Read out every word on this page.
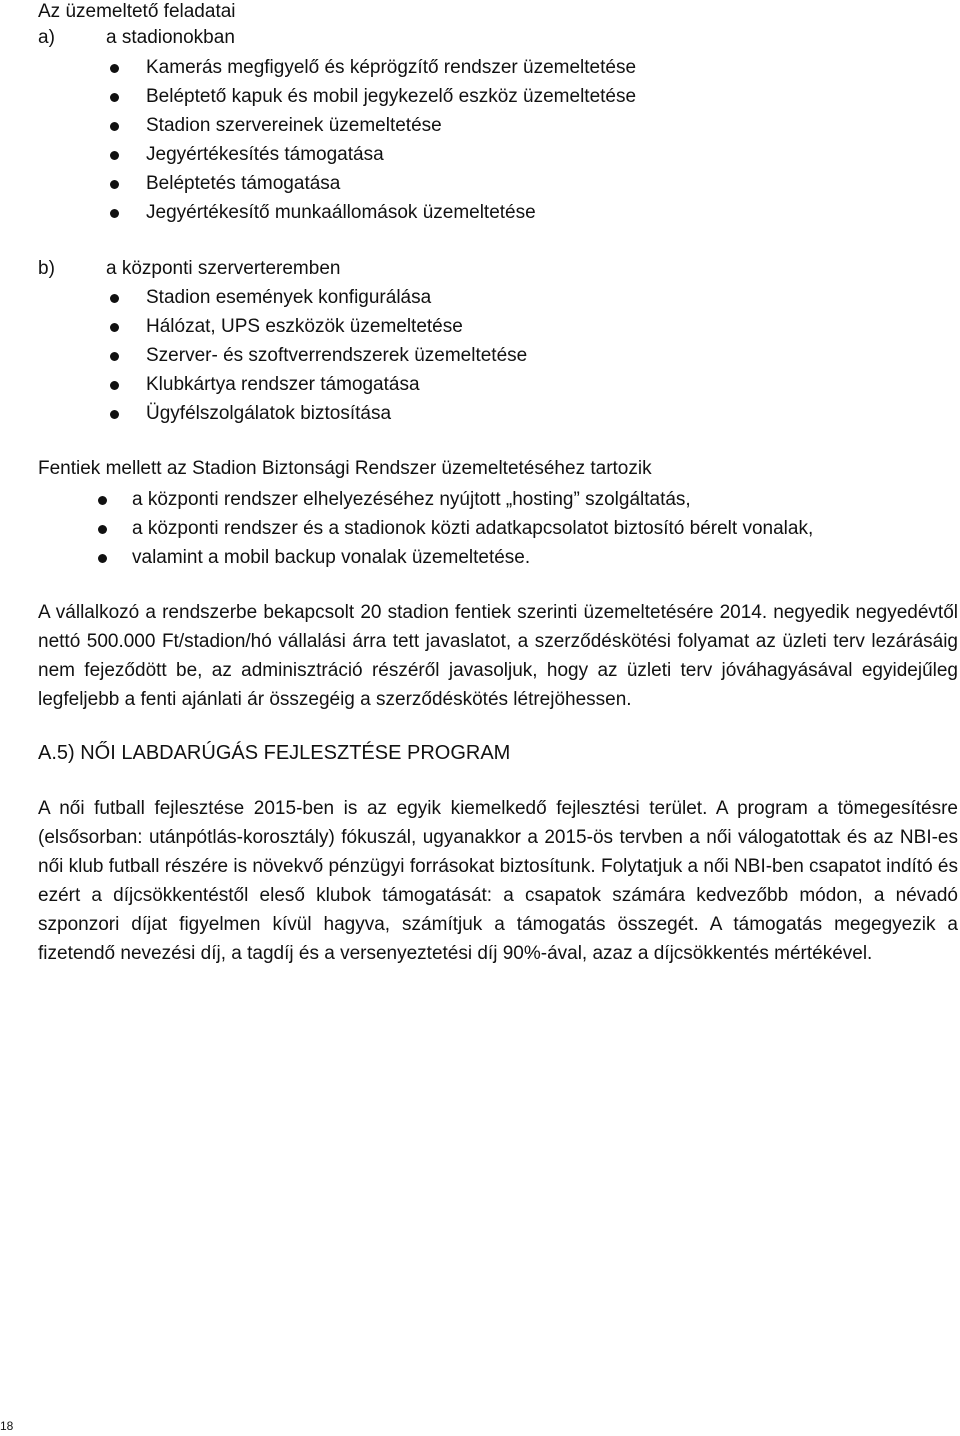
Az üzemeltető feladatai
a)	a stadionokban
Kamerás megfigyelő és képrögzítő rendszer üzemeltetése
Beléptető kapuk és mobil jegykezelő eszköz üzemeltetése
Stadion szervereinek üzemeltetése
Jegyértékesítés támogatása
Beléptetés támogatása
Jegyértékesítő munkaállomások üzemeltetése
b)	a központi szerverteremben
Stadion események konfigurálása
Hálózat, UPS eszközök üzemeltetése
Szerver- és szoftverrendszerek üzemeltetése
Klubkártya rendszer támogatása
Ügyfélszolgálatok biztosítása
Fentiek mellett az Stadion Biztonsági Rendszer üzemeltetéséhez tartozik
a központi rendszer elhelyezéséhez nyújtott „hosting” szolgáltatás,
a központi rendszer és a stadionok közti adatkapcsolatot biztosító bérelt vonalak,
valamint a mobil backup vonalak üzemeltetése.
A vállalkozó a rendszerbe bekapcsolt 20 stadion fentiek szerinti üzemeltetésére 2014. negyedik negyedévtől nettó 500.000 Ft/stadion/hó vállalási árra tett javaslatot, a szerződéskötési folyamat az üzleti terv lezárásáig nem fejeződött be, az adminisztráció részéről javasoljuk, hogy az üzleti terv jóváhagyásával egyidejűleg legfeljebb a fenti ajánlati ár összegéig a szerződéskötés létrejöhessen.
A.5) NŐI LABDARÚGÁS FEJLESZTÉSE PROGRAM
A női futball fejlesztése 2015-ben is az egyik kiemelkedő fejlesztési terület. A program a tömegesítésre (elsősorban: utánpótlás-korosztály) fókuszál, ugyanakkor a 2015-ös tervben a női válogatottak és az NBI-es női klub futball részére is növekvő pénzügyi forrásokat biztosítunk. Folytatjuk a női NBI-ben csapatot indító és ezért a díjcsökkentéstől eleső klubok támogatását: a csapatok számára kedvezőbb módon, a névadó szponzori díjat figyelmen kívül hagyva, számítjuk a támogatás összegét. A támogatás megegyezik a fizetendő nevezési díj, a tagdíj és a versenyeztetési díj 90%-ával, azaz a díjcsökkentés mértékével.
18
